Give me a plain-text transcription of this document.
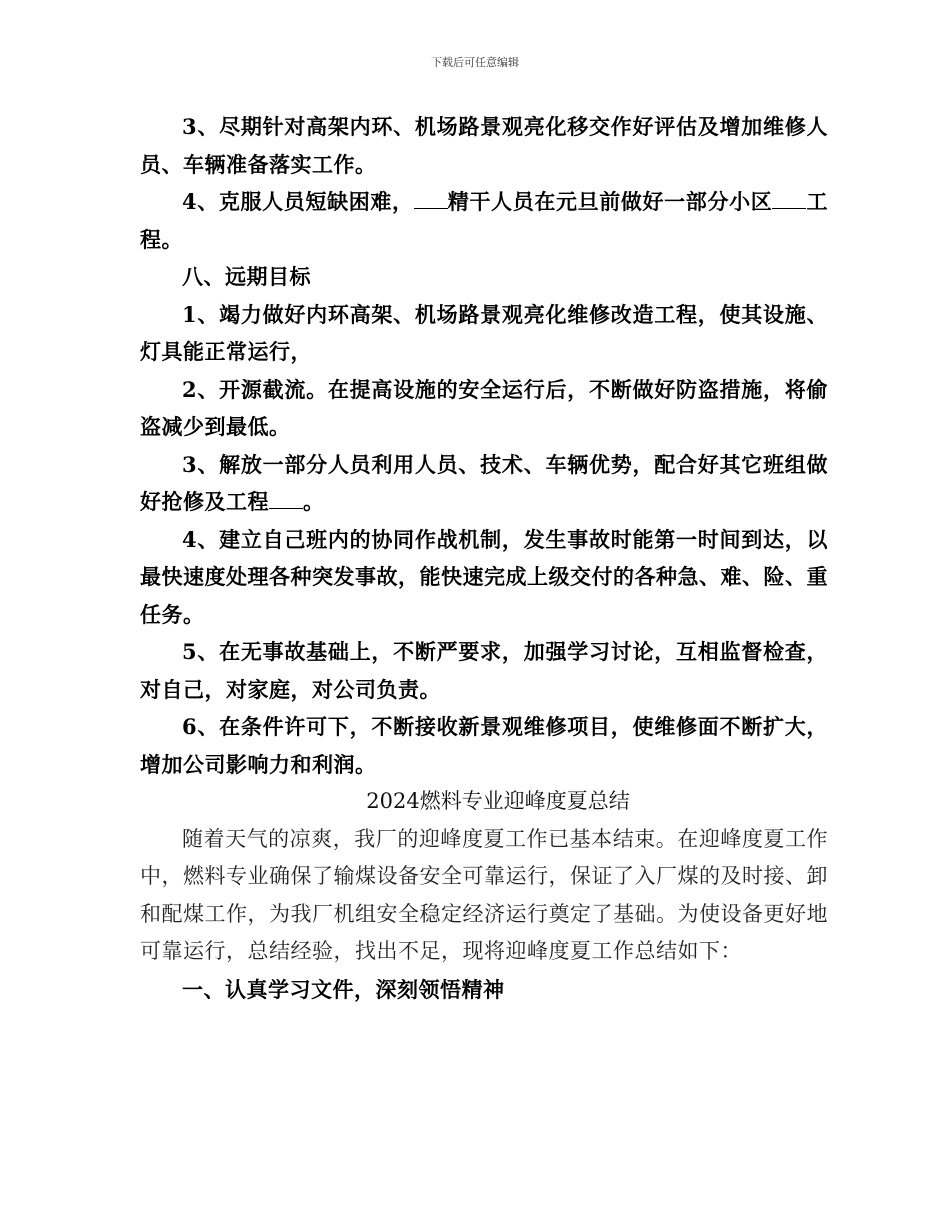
下载后可任意编辑

3、尽期针对高架内环、机场路景观亮化移交作好评估及增加维修人员、车辆准备落实工作。

4、克服人员短缺困难， 精干人员在元旦前做好一部分小区 工程。

八、远期目标

1、竭力做好内环高架、机场路景观亮化维修改造工程，使其设施、灯具能正常运行，

2、开源截流。在提高设施的安全运行后，不断做好防盗措施，将偷盗减少到最低。

3、解放一部分人员利用人员、技术、车辆优势，配合好其它班组做好抢修及工程 。

4、建立自己班内的协同作战机制，发生事故时能第一时间到达，以最快速度处理各种突发事故，能快速完成上级交付的各种急、难、险、重任务。

5、在无事故基础上，不断严要求，加强学习讨论，互相监督检查，对自己，对家庭，对公司负责。

6、在条件许可下，不断接收新景观维修项目，使维修面不断扩大，增加公司影响力和利润。

2024燃料专业迎峰度夏总结

随着天气的凉爽，我厂的迎峰度夏工作已基本结束。在迎峰度夏工作中，燃料专业确保了输煤设备安全可靠运行，保证了入厂煤的及时接、卸和配煤工作，为我厂机组安全稳定经济运行奠定了基础。为使设备更好地可靠运行，总结经验，找出不足，现将迎峰度夏工作总结如下：

一、认真学习文件，深刻领悟精神
